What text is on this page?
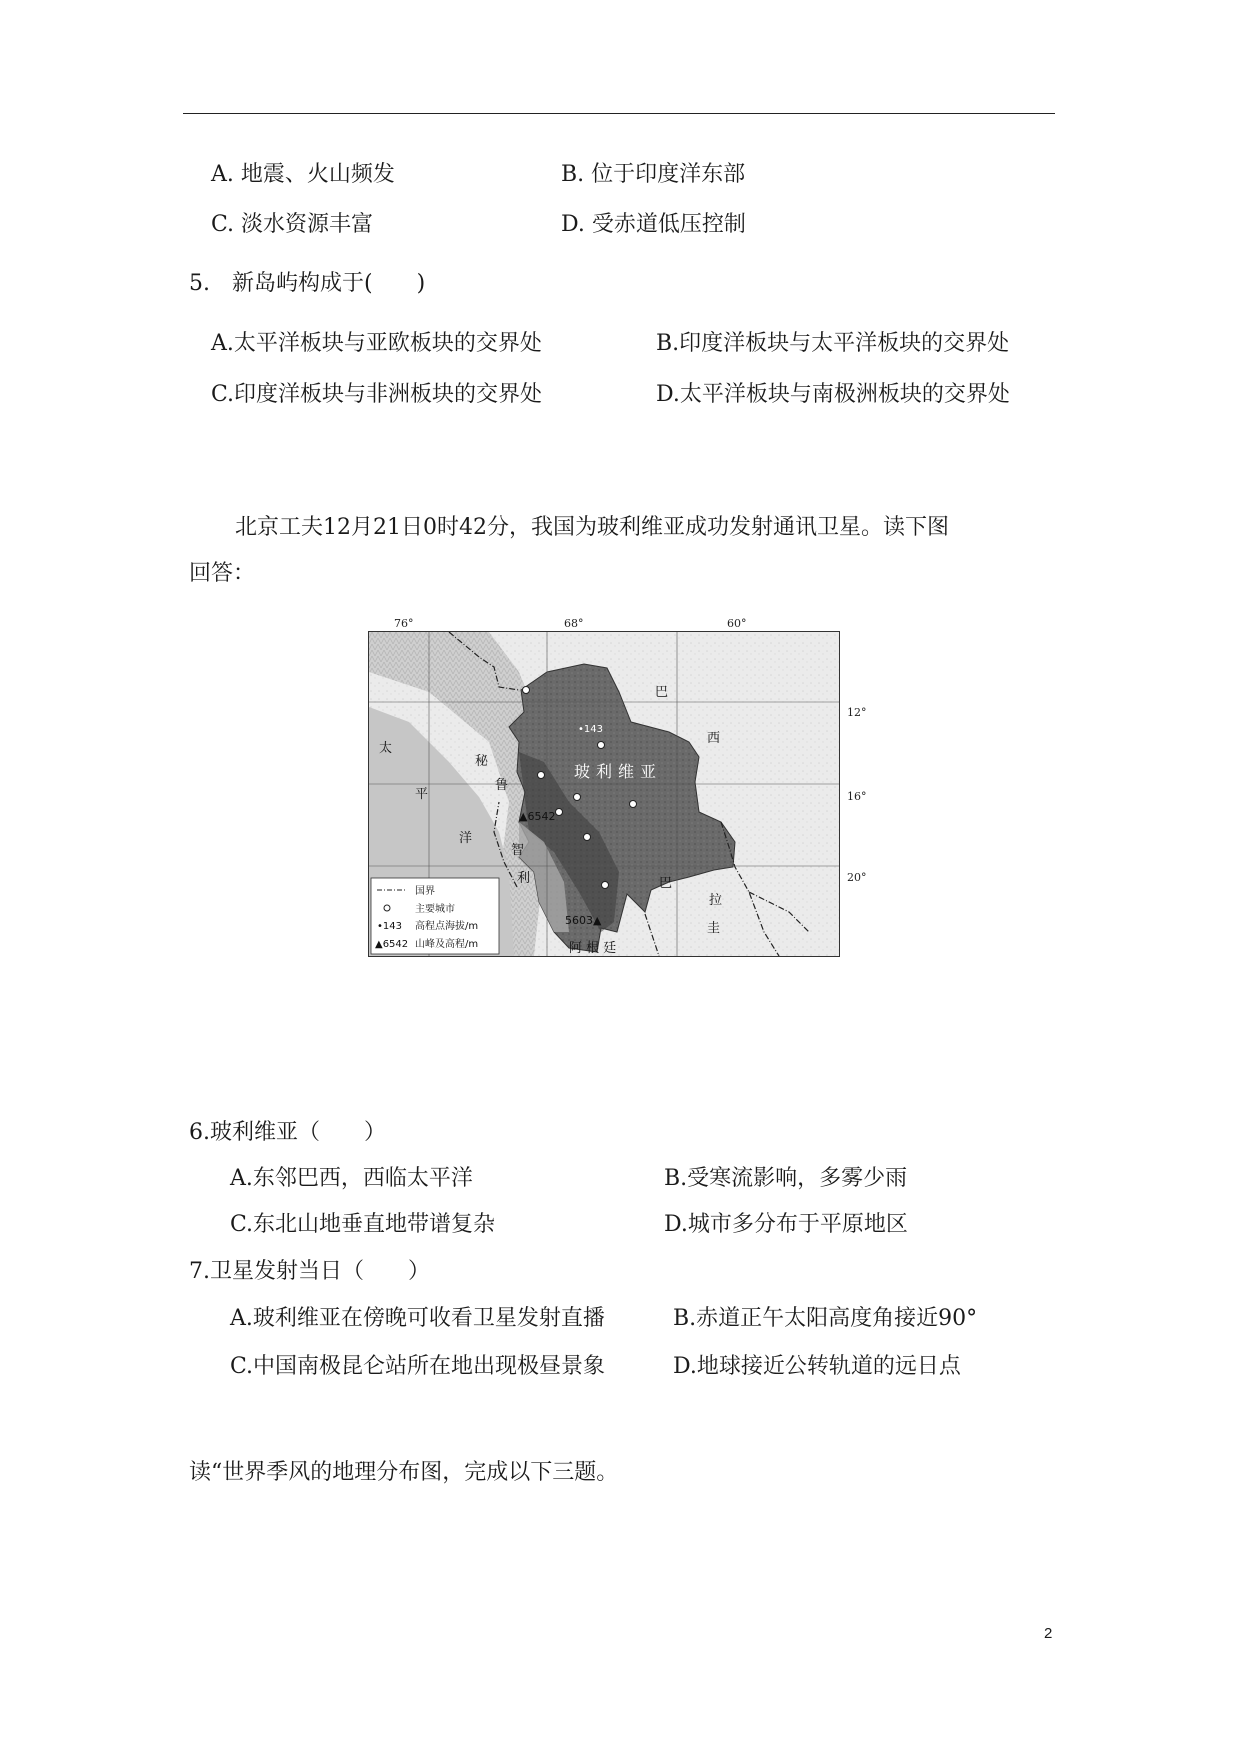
A. 地震、火山频发	B. 位于印度洋东部
C. 淡水资源丰富	D. 受赤道低压控制
5.　新岛屿构成于(　　)
A.太平洋板块与亚欧板块的交界处	B.印度洋板块与太平洋板块的交界处
C.印度洋板块与非洲板块的交界处	D.太平洋板块与南极洲板块的交界处
北京工夫12月21日0时42分，我国为玻利维亚成功发射通讯卫星。读下图
回答：
76°	68°	60°
12°
16°
20°
•143
玻利维亚
巴
西
秘
鲁
太
平
洋
智
利	巴
拉
圭
阿 根 廷
▲6542
5603▲
国界
主要城市
•143 高程点海拔/m
▲6542 山峰及高程/m
6.玻利维亚（　　）
A.东邻巴西，西临太平洋	B.受寒流影响，多雾少雨
C.东北山地垂直地带谱复杂	D.城市多分布于平原地区
7.卫星发射当日（　　）
A.玻利维亚在傍晚可收看卫星发射直播	B.赤道正午太阳高度角接近90°
C.中国南极昆仑站所在地出现极昼景象	D.地球接近公转轨道的远日点
读“世界季风的地理分布图，完成以下三题。
2
